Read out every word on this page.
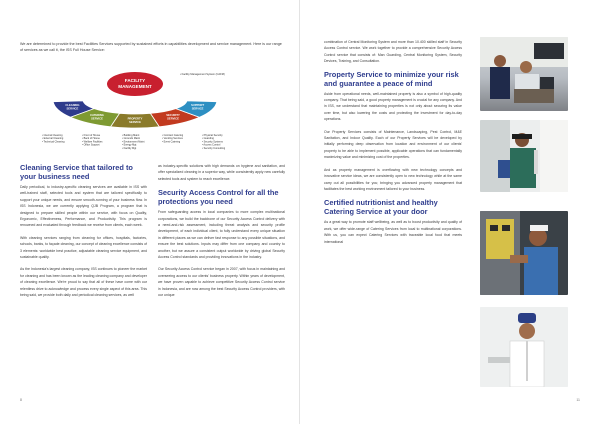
We are determined to provide the best Facilities Services supported by sustained efforts in capabilities development and service management. Here is our range of services as we call it, the ISS Full House Service:

CLEANING
SERVICE
CATERING
SERVICE	PROPERTY
SERVICE
SECURITY
SERVICE
SUPPORT
SERVICE
FACILITY
MANAGEMENT
• Facility Management System (CAFM)
• Internal Cleaning
• External Cleaning
• Technical Cleaning
• Front of House
• Back of House
• Welfare Facilities
• Office Support
• Building Maint
• Grounds Maint
• Environment Maint
• Energy Mgt
• Facility Mgt
• Contract Catering
• Vending Services
• Event Catering
• Physical Security
• Guarding
• Security Systems
• Access Control
• Security Consulting

Cleaning Service that tailored to your business need

Daily periodical, to industry-specific cleaning services are available in ISS with well-trained staff, selected tools and system that are tailored specifically to support your unique needs, and ensure smooth-running of your business flow. In ISS Indonesia, we are currently applying QJB Program, a program that is designed to prepare skilled people within our service, with focus on Quality, Ergonomic, Effectiveness, Performance, and Productivity. This program is renowned and evaluated through feedback we receive from clients, each week.

With cleaning services ranging from cleaning for offices, hospitals, factories, schools, banks, to façade cleaning, our concept of cleaning excellence consists of 3 elements: worldwide best practice, adjustable cleaning service equipment, and sustainable quality.

As the Indonesia's largest cleaning company, ISS continues to pioneer the market for cleaning and has been known as the leading cleaning company and developer of cleaning excellence. We're proud to say that all of these have come with our relentless drive to acknowledge and process every single aspect of this area. This being said, we provide both daily and periodical cleaning services, as well

as industry-specific solutions with high demands on hygiene and sanitation, and offer specialized cleaning in a superior way, while consistently apply new carefully selected tools and system to reach excellence.

Security Access Control for all the protections you need

From safeguarding access in local companies to more complex multinational corporations, we build the backbone of our Security Access Control delivery with a need-and-risk assessment, including threat analysis and security profile development, of each individual client, to fully understand every unique situation in different places as we can deliver fast response to any possible situations, and ensure the best solutions. Inputs may differ from one company and country to another, but we assure a consistent output worldwide by driving global Security Access Control standards and providing innovations in the industry.

Our Security Access Control service began in 2007, with focus in maintaining and overseeing access to our clients' business property. Within years of development, we have proven capable to achieve competitive Security Access Control service in Indonesia, and are now among the best Security Access Control providers, with our unique

8

combination of Central Monitoring System and more than 10.400 skilled staff in Security Access Control service. We work together to provide a comprehensive Security Access Control service that consists of: Man Guarding, Central Monitoring System, Security Devices, Training, and Consultation.

Property Service to minimize your risk and guarantee a peace of mind

Aside from operational needs, well-maintained property is also a symbol of high-quality company. That being said, a good property management is crucial for any company. And in ISS, we understand that maintaining properties is not only about securing its value over time, but also lowering the costs and protecting the investment for day-to-day operations.

Our Property Services consists of Maintenance, Landscaping, Pest Control, M&E Sanitation, and Indoor Quality. Each of our Property Services will be developed by initially performing deep observation from location and environment of our clients' property to be able to implement possible, applicable operations that can fundamentally maximizing value and minimizing cost of the properties.

And as property management is overflowing with new technology concepts and innovative service ideas, we are consistently open to new technology while at the same carry out all possibilities for you; bringing you advanced property management that facilitates the best working environment tailored to your business.

Certified nutritionist and healthy Catering Service at your door

As a great way to promote staff wellbeing, as well as to boost productivity and quality of work, we offer wide-range of Catering Services from local to multinational corporations. With us, you can expect Catering Services with traceable local food that meets international

11
